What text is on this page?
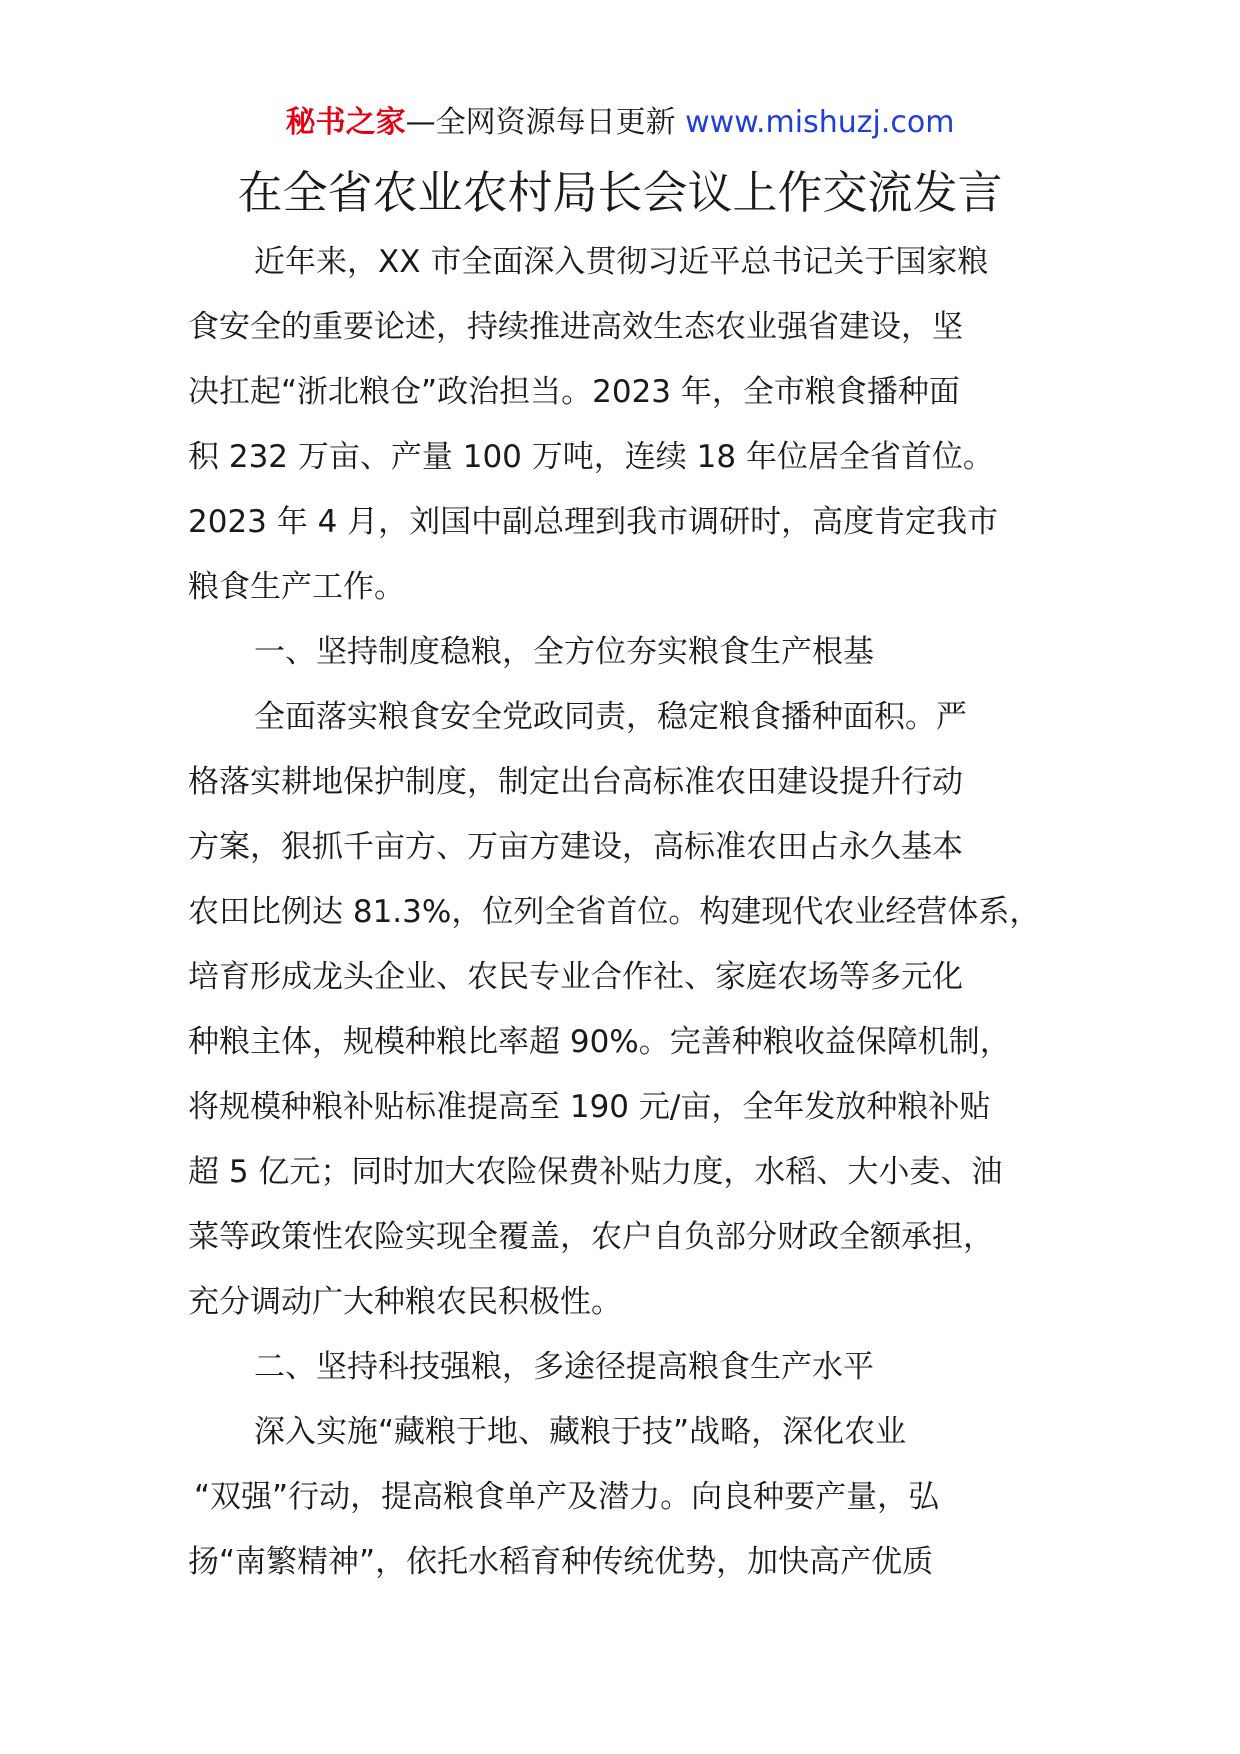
秘书之家—全网资源每日更新 www.mishuzj.com
在全省农业农村局长会议上作交流发言
近年来，XX 市全面深入贯彻习近平总书记关于国家粮
食安全的重要论述，持续推进高效生态农业强省建设，坚
决扛起“浙北粮仓”政治担当。2023 年，全市粮食播种面
积 232 万亩、产量 100 万吨，连续 18 年位居全省首位。
2023 年 4 月，刘国中副总理到我市调研时，高度肯定我市
粮食生产工作。
一、坚持制度稳粮，全方位夯实粮食生产根基
全面落实粮食安全党政同责，稳定粮食播种面积。严
格落实耕地保护制度，制定出台高标准农田建设提升行动
方案，狠抓千亩方、万亩方建设，高标准农田占永久基本
农田比例达 81.3%，位列全省首位。构建现代农业经营体系，
培育形成龙头企业、农民专业合作社、家庭农场等多元化
种粮主体，规模种粮比率超 90%。完善种粮收益保障机制，
将规模种粮补贴标准提高至 190 元/亩，全年发放种粮补贴
超 5 亿元；同时加大农险保费补贴力度，水稻、大小麦、油
菜等政策性农险实现全覆盖，农户自负部分财政全额承担，
充分调动广大种粮农民积极性。
二、坚持科技强粮，多途径提高粮食生产水平
深入实施“藏粮于地、藏粮于技”战略，深化农业
“双强”行动，提高粮食单产及潜力。向良种要产量，弘
扬“南繁精神”，依托水稻育种传统优势，加快高产优质
